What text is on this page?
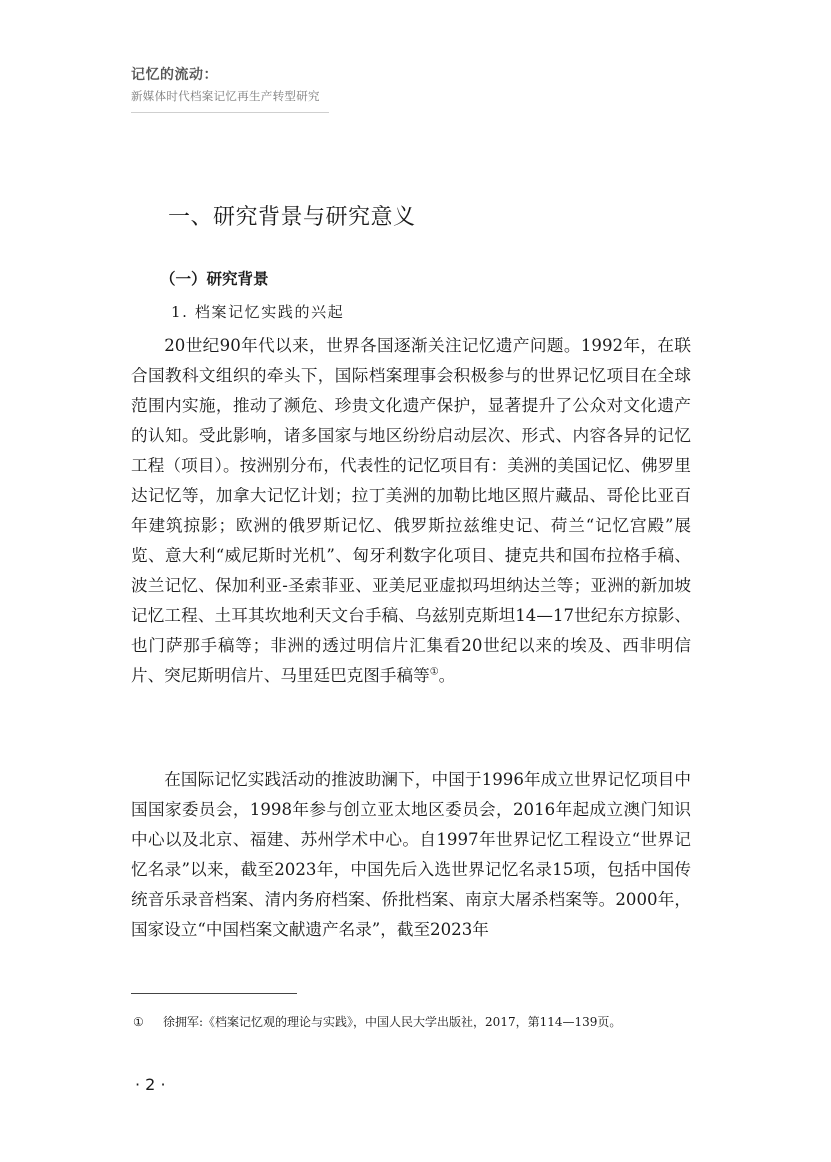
记忆的流动：
新媒体时代档案记忆再生产转型研究
一、研究背景与研究意义
（一）研究背景
1. 档案记忆实践的兴起

20世纪90年代以来，世界各国逐渐关注记忆遗产问题。1992年，在联合国教科文组织的牵头下，国际档案理事会积极参与的世界记忆项目在全球范围内实施，推动了濒危、珍贵文化遗产保护，显著提升了公众对文化遗产的认知。受此影响，诸多国家与地区纷纷启动层次、形式、内容各异的记忆工程（项目）。按洲别分布，代表性的记忆项目有：美洲的美国记忆、佛罗里达记忆等，加拿大记忆计划；拉丁美洲的加勒比地区照片藏品、哥伦比亚百年建筑掠影；欧洲的俄罗斯记忆、俄罗斯拉兹维史记、荷兰“记忆宫殿”展览、意大利“威尼斯时光机”、匈牙利数字化项目、捷克共和国布拉格手稿、波兰记忆、保加利亚-圣索菲亚、亚美尼亚虚拟玛坦纳达兰等；亚洲的新加坡记忆工程、土耳其坎地利天文台手稿、乌兹别克斯坦14—17世纪东方掠影、也门萨那手稿等；非洲的透过明信片汇集看20世纪以来的埃及、西非明信片、突尼斯明信片、马里廷巴克图手稿等①。

在国际记忆实践活动的推波助澜下，中国于1996年成立世界记忆项目中国国家委员会，1998年参与创立亚太地区委员会，2016年起成立澳门知识中心以及北京、福建、苏州学术中心。自1997年世界记忆工程设立“世界记忆名录”以来，截至2023年，中国先后入选世界记忆名录15项，包括中国传统音乐录音档案、清内务府档案、侨批档案、南京大屠杀档案等。2000年，国家设立“中国档案文献遗产名录”，截至2023年

① 徐拥军:《档案记忆观的理论与实践》，中国人民大学出版社，2017，第114—139页。
· 2 ·
